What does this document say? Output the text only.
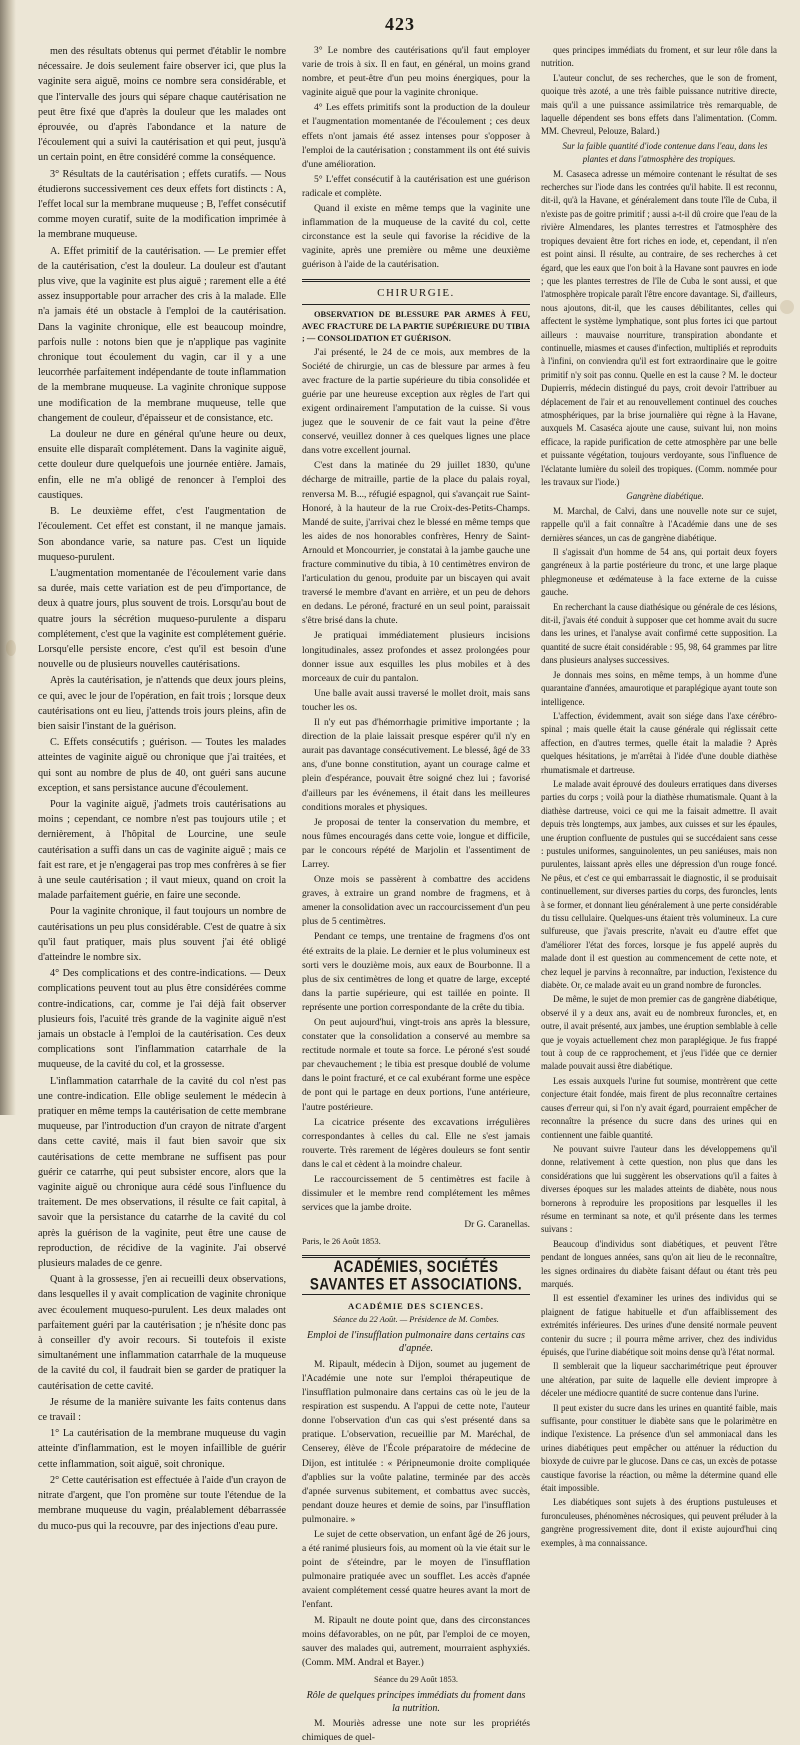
423

men des résultats obtenus qui permet d'établir le nombre nécessaire. Je dois seulement faire observer ici, que plus la vaginite sera aiguë, moins ce nombre sera considérable, et que l'intervalle des jours qui sépare chaque cautérisation ne peut être fixé que d'après la douleur que les malades ont éprouvée, ou d'après l'abondance et la nature de l'écoulement qui a suivi la cautérisation et qui peut, jusqu'à un certain point, en être considéré comme la conséquence.

3° Résultats de la cautérisation ; effets curatifs. — Nous étudierons successivement ces deux effets fort distincts : A, l'effet local sur la membrane muqueuse ; B, l'effet consécutif comme moyen curatif, suite de la modification imprimée à la membrane muqueuse.

A. Effet primitif de la cautérisation. — Le premier effet de la cautérisation, c'est la douleur. La douleur est d'autant plus vive, que la vaginite est plus aiguë ; rarement elle a été assez insupportable pour arracher des cris à la malade. Elle n'a jamais été un obstacle à l'emploi de la cautérisation. Dans la vaginite chronique, elle est beaucoup moindre, parfois nulle : notons bien que je n'applique pas vaginite chronique tout écoulement du vagin, car il y a une leucorrhée parfaitement indépendante de toute inflammation de la membrane muqueuse. La vaginite chronique suppose une modification de la membrane muqueuse, telle que changement de couleur, d'épaisseur et de consistance, etc.

La douleur ne dure en général qu'une heure ou deux, ensuite elle disparaît complétement. Dans la vaginite aiguë, cette douleur dure quelquefois une journée entière. Jamais, enfin, elle ne m'a obligé de renoncer à l'emploi des caustiques.

B. Le deuxième effet, c'est l'augmentation de l'écoulement. Cet effet est constant, il ne manque jamais. Son abondance varie, sa nature pas. C'est un liquide muqueso-purulent.

L'augmentation momentanée de l'écoulement varie dans sa durée, mais cette variation est de peu d'importance, de deux à quatre jours, plus souvent de trois. Lorsqu'au bout de quatre jours la sécrétion muqueso-purulente a disparu complétement, c'est que la vaginite est complétement guérie. Lorsqu'elle persiste encore, c'est qu'il est besoin d'une nouvelle ou de plusieurs nouvelles cautérisations.

Après la cautérisation, je n'attends que deux jours pleins, ce qui, avec le jour de l'opération, en fait trois ; lorsque deux cautérisations ont eu lieu, j'attends trois jours pleins, afin de bien saisir l'instant de la guérison.

C. Effets consécutifs ; guérison. — Toutes les malades atteintes de vaginite aiguë ou chronique que j'ai traitées, et qui sont au nombre de plus de 40, ont guéri sans aucune exception, et sans persistance aucune d'écoulement.

Pour la vaginite aiguë, j'admets trois cautérisations au moins ; cependant, ce nombre n'est pas toujours utile ; et dernièrement, à l'hôpital de Lourcine, une seule cautérisation a suffi dans un cas de vaginite aiguë ; mais ce fait est rare, et je n'engagerai pas trop mes confrères à se fier à une seule cautérisation ; il vaut mieux, quand on croit la malade parfaitement guérie, en faire une seconde.

Pour la vaginite chronique, il faut toujours un nombre de cautérisations un peu plus considérable. C'est de quatre à six qu'il faut pratiquer, mais plus souvent j'ai été obligé d'atteindre le nombre six.

4° Des complications et des contre-indications. — Deux complications peuvent tout au plus être considérées comme contre-indications, car, comme je l'ai déjà fait observer plusieurs fois, l'acuité très grande de la vaginite aiguë n'est jamais un obstacle à l'emploi de la cautérisation. Ces deux complications sont l'inflammation catarrhale de la muqueuse, de la cavité du col, et la grossesse.

L'inflammation catarrhale de la cavité du col n'est pas une contre-indication. Elle oblige seulement le médecin à pratiquer en même temps la cautérisation de cette membrane muqueuse, par l'introduction d'un crayon de nitrate d'argent dans cette cavité, mais il faut bien savoir que six cautérisations de cette membrane ne suffisent pas pour guérir ce catarrhe, qui peut subsister encore, alors que la vaginite aiguë ou chronique aura cédé sous l'influence du traitement. De mes observations, il résulte ce fait capital, à savoir que la persistance du catarrhe de la cavité du col après la guérison de la vaginite, peut être une cause de reproduction, de récidive de la vaginite. J'ai observé plusieurs malades de ce genre.

Quant à la grossesse, j'en ai recueilli deux observations, dans lesquelles il y avait complication de vaginite chronique avec écoulement muqueso-purulent. Les deux malades ont parfaitement guéri par la cautérisation ; je n'hésite donc pas à conseiller d'y avoir recours. Si toutefois il existe simultanément une inflammation catarrhale de la muqueuse de la cavité du col, il faudrait bien se garder de pratiquer la cautérisation de cette cavité.

Je résume de la manière suivante les faits contenus dans ce travail :

1° La cautérisation de la membrane muqueuse du vagin atteinte d'inflammation, est le moyen infaillible de guérir cette inflammation, soit aiguë, soit chronique.

2° Cette cautérisation est effectuée à l'aide d'un crayon de nitrate d'argent, que l'on promène sur toute l'étendue de la membrane muqueuse du vagin, préalablement débarrassée du muco-pus qui la recouvre, par des injections d'eau pure.

3° Le nombre des cautérisations qu'il faut employer varie de trois à six. Il en faut, en général, un moins grand nombre, et peut-être d'un peu moins énergiques, pour la vaginite aiguë que pour la vaginite chronique.

4° Les effets primitifs sont la production de la douleur et l'augmentation momentanée de l'écoulement ; ces deux effets n'ont jamais été assez intenses pour s'opposer à l'emploi de la cautérisation ; constamment ils ont été suivis d'une amélioration.

5° L'effet consécutif à la cautérisation est une guérison radicale et complète.

Quand il existe en même temps que la vaginite une inflammation de la muqueuse de la cavité du col, cette circonstance est la seule qui favorise la récidive de la vaginite, après une première ou même une deuxième guérison à l'aide de la cautérisation.

CHIRURGIE.

OBSERVATION DE BLESSURE PAR ARMES À FEU, AVEC FRACTURE DE LA PARTIE SUPÉRIEURE DU TIBIA ; — CONSOLIDATION ET GUÉRISON.

J'ai présenté, le 24 de ce mois, aux membres de la Société de chirurgie, un cas de blessure par armes à feu avec fracture de la partie supérieure du tibia consolidée et guérie par une heureuse exception aux règles de l'art qui exigent ordinairement l'amputation de la cuisse. Si vous jugez que le souvenir de ce fait vaut la peine d'être conservé, veuillez donner à ces quelques lignes une place dans votre excellent journal.

C'est dans la matinée du 29 juillet 1830, qu'une décharge de mitraille, partie de la place du palais royal, renversa M. B..., réfugié espagnol, qui s'avançait rue Saint-Honoré, à la hauteur de la rue Croix-des-Petits-Champs. Mandé de suite, j'arrivai chez le blessé en même temps que les aides de nos honorables confrères, Henry de Saint-Arnould et Moncourrier, je constatai à la jambe gauche une fracture comminutive du tibia, à 10 centimètres environ de l'articulation du genou, produite par un biscayen qui avait traversé le membre d'avant en arrière, et un peu de dehors en dedans. Le péroné, fracturé en un seul point, paraissait s'être brisé dans la chute.

Je pratiquai immédiatement plusieurs incisions longitudinales, assez profondes et assez prolongées pour donner issue aux esquilles les plus mobiles et à des morceaux de cuir du pantalon.

Une balle avait aussi traversé le mollet droit, mais sans toucher les os.

Il n'y eut pas d'hémorrhagie primitive importante ; la direction de la plaie laissait presque espérer qu'il n'y en aurait pas davantage consécutivement. Le blessé, âgé de 33 ans, d'une bonne constitution, ayant un courage calme et plein d'espérance, pouvait être soigné chez lui ; favorisé d'ailleurs par les événemens, il était dans les meilleures conditions morales et physiques.

Je proposai de tenter la conservation du membre, et nous fûmes encouragés dans cette voie, longue et difficile, par le concours répété de Marjolin et l'assentiment de Larrey.

Onze mois se passèrent à combattre des accidens graves, à extraire un grand nombre de fragmens, et à amener la consolidation avec un raccourcissement d'un peu plus de 5 centimètres.

Pendant ce temps, une trentaine de fragmens d'os ont été extraits de la plaie. Le dernier et le plus volumineux est sorti vers le douzième mois, aux eaux de Bourbonne. Il a plus de six centimètres de long et quatre de large, excepté dans la partie supérieure, qui est taillée en pointe. Il représente une portion correspondante de la crête du tibia.

On peut aujourd'hui, vingt-trois ans après la blessure, constater que la consolidation a conservé au membre sa rectitude normale et toute sa force. Le péroné s'est soudé par chevauchement ; le tibia est presque doublé de volume dans le point fracturé, et ce cal exubérant forme une espèce de pont qui le partage en deux portions, l'une antérieure, l'autre postérieure.

La cicatrice présente des excavations irrégulières correspondantes à celles du cal. Elle ne s'est jamais rouverte. Très rarement de légères douleurs se font sentir dans le cal et cèdent à la moindre chaleur.

Le raccourcissement de 5 centimètres est facile à dissimuler et le membre rend complétement les mêmes services que la jambe droite.

Dr G. Caranellas.
Paris, le 26 Août 1853.
ACADÉMIES, SOCIÉTÉS SAVANTES ET ASSOCIATIONS.
ACADÉMIE DES SCIENCES.
Séance du 22 Août. — Présidence de M. Combes.
Emploi de l'insufflation pulmonaire dans certains cas d'apnée.

M. Ripault, médecin à Dijon, soumet au jugement de l'Académie une note sur l'emploi thérapeutique de l'insufflation pulmonaire dans certains cas où le jeu de la respiration est suspendu. A l'appui de cette note, l'auteur donne l'observation d'un cas qui s'est présenté dans sa pratique. L'observation, recueillie par M. Maréchal, de Censerey, élève de l'École préparatoire de médecine de Dijon, est intitulée : « Péripneumonie droite compliquée d'apblies sur la voûte palatine, terminée par des accès d'apnée survenus subitement, et combattus avec succès, pendant douze heures et demie de soins, par l'insufflation pulmonaire. »

Le sujet de cette observation, un enfant âgé de 26 jours, a été ranimé plusieurs fois, au moment où la vie était sur le point de s'éteindre, par le moyen de l'insufflation pulmonaire pratiquée avec un soufflet. Les accès d'apnée avaient complétement cessé quatre heures avant la mort de l'enfant.

M. Ripault ne doute point que, dans des circonstances moins défavorables, on ne pût, par l'emploi de ce moyen, sauver des malades qui, autrement, mourraient asphyxiés. (Comm. MM. Andral et Bayer.)

Séance du 29 Août 1853.
Rôle de quelques principes immédiats du froment dans la nutrition.

M. Mouriès adresse une note sur les propriétés chimiques de quel-

ques principes immédiats du froment, et sur leur rôle dans la nutrition.

L'auteur conclut, de ses recherches, que le son de froment, quoique très azoté, a une très faible puissance nutritive directe, mais qu'il a une puissance assimilatrice très remarquable, de laquelle dépendent ses bons effets dans l'alimentation. (Comm. MM. Chevreul, Pelouze, Balard.)

Sur la faible quantité d'iode contenue dans l'eau, dans les plantes et dans l'atmosphère des tropiques.

M. Casaseca adresse un mémoire contenant le résultat de ses recherches sur l'iode dans les contrées qu'il habite. Il est reconnu, dit-il, qu'à la Havane, et généralement dans toute l'île de Cuba, il n'existe pas de goitre primitif ; aussi a-t-il dû croire que l'eau de la rivière Almendares, les plantes terrestres et l'atmosphère des tropiques devaient être fort riches en iode, et, cependant, il n'en est point ainsi. Il résulte, au contraire, de ses recherches à cet égard, que les eaux que l'on boit à la Havane sont pauvres en iode ; que les plantes terrestres de l'île de Cuba le sont aussi, et que l'atmosphère tropicale paraît l'être encore davantage. Si, d'ailleurs, nous ajoutons, dit-il, que les causes débilitantes, celles qui affectent le système lymphatique, sont plus fortes ici que partout ailleurs : mauvaise nourriture, transpiration abondante et continuelle, miasmes et causes d'infection, multipliés et reproduits à l'infini, on conviendra qu'il est fort extraordinaire que le goitre primitif n'y soit pas connu. Quelle en est la cause ? M. le docteur Dupierris, médecin distingué du pays, croit devoir l'attribuer au déplacement de l'air et au renouvellement continuel des couches atmosphériques, par la brise journalière qui règne à la Havane, auxquels M. Casaséca ajoute une cause, suivant lui, non moins efficace, la rapide purification de cette atmosphère par une belle et puissante végétation, toujours verdoyante, sous l'influence de l'éclatante lumière du soleil des tropiques. (Comm. nommée pour les travaux sur l'iode.)

Gangrène diabétique.

M. Marchal, de Calvi, dans une nouvelle note sur ce sujet, rappelle qu'il a fait connaître à l'Académie dans une de ses dernières séances, un cas de gangrène diabétique.

Il s'agissait d'un homme de 54 ans, qui portait deux foyers gangréneux à la partie postérieure du tronc, et une large plaque phlegmoneuse et œdémateuse à la face externe de la cuisse gauche.

En recherchant la cause diathésique ou générale de ces lésions, dit-il, j'avais été conduit à supposer que cet homme avait du sucre dans les urines, et l'analyse avait confirmé cette supposition. La quantité de sucre était considérable : 95, 98, 64 grammes par litre dans plusieurs analyses successives.

Je donnais mes soins, en même temps, à un homme d'une quarantaine d'années, amaurotique et paraplégique ayant toute son intelligence.

L'affection, évidemment, avait son siége dans l'axe cérébro-spinal ; mais quelle était la cause générale qui réglissait cette affection, en d'autres termes, quelle était la maladie ? Après quelques hésitations, je m'arrêtai à l'idée d'une double diathèse rhumatismale et dartreuse.

Le malade avait éprouvé des douleurs erratiques dans diverses parties du corps ; voilà pour la diathèse rhumatismale. Quant à la diathèse dartreuse, voici ce qui me la faisait admettre. Il avait depuis très longtemps, aux jambes, aux cuisses et sur les épaules, une éruption confluente de pustules qui se succédaient sans cesse : pustules uniformes, sanguinolentes, un peu saniéuses, mais non purulentes, laissant après elles une dépression d'un rouge foncé. Ne pêus, et c'est ce qui embarrassait le diagnostic, il se produisait continuellement, sur diverses parties du corps, des furoncles, lents à se former, et donnant lieu généralement à une perte considérable du tissu cellulaire. Quelques-uns étaient très volumineux. La cure sulfureuse, que j'avais prescrite, n'avait eu d'autre effet que d'améliorer l'état des forces, lorsque je fus appelé auprès du malade dont il est question au commencement de cette note, et chez lequel je parvins à reconnaître, par induction, l'existence du diabète. Or, ce malade avait eu un grand nombre de furoncles.

De même, le sujet de mon premier cas de gangrène diabétique, observé il y a deux ans, avait eu de nombreux furoncles, et, en outre, il avait présenté, aux jambes, une éruption semblable à celle que je voyais actuellement chez mon paraplégique. Je fus frappé tout à coup de ce rapprochement, et j'eus l'idée que ce dernier malade pouvait aussi être diabétique.

Les essais auxquels l'urine fut soumise, montrèrent que cette conjecture était fondée, mais firent de plus reconnaître certaines causes d'erreur qui, si l'on n'y avait égard, pourraient empêcher de reconnaître la présence du sucre dans des urines qui en contiennent une faible quantité.

Ne pouvant suivre l'auteur dans les développemens qu'il donne, relativement à cette question, non plus que dans les considérations que lui suggèrent les observations qu'il a faites à diverses époques sur les malades atteints de diabète, nous nous bornerons à reproduire les propositions par lesquelles il les résume en terminant sa note, et qu'il présente dans les termes suivans :

Beaucoup d'individus sont diabétiques, et peuvent l'être pendant de longues années, sans qu'on ait lieu de le reconnaître, les signes ordinaires du diabète faisant défaut ou étant très peu marqués.

Il est essentiel d'examiner les urines des individus qui se plaignent de fatigue habituelle et d'un affaiblissement des extrémités inférieures. Des urines d'une densité normale peuvent contenir du sucre ; il pourra même arriver, chez des individus épuisés, que l'urine diabétique soit moins dense qu'à l'état normal.

Il semblerait que la liqueur saccharimétrique peut éprouver une altération, par suite de laquelle elle devient impropre à déceler une médiocre quantité de sucre contenue dans l'urine.

Il peut exister du sucre dans les urines en quantité faible, mais suffisante, pour constituer le diabète sans que le polarimètre en indique l'existence. La présence d'un sel ammoniacal dans les urines diabétiques peut empêcher ou atténuer la réduction du bioxyde de cuivre par le glucose. Dans ce cas, un excès de potasse caustique favorise la réaction, ou même la détermine quand elle était impossible.

Les diabétiques sont sujets à des éruptions pustuleuses et furonculeuses, phénomènes nécrosiques, qui peuvent préluder à la gangrène progressivement dite, dont il existe aujourd'hui cinq exemples, à ma connaissance.
